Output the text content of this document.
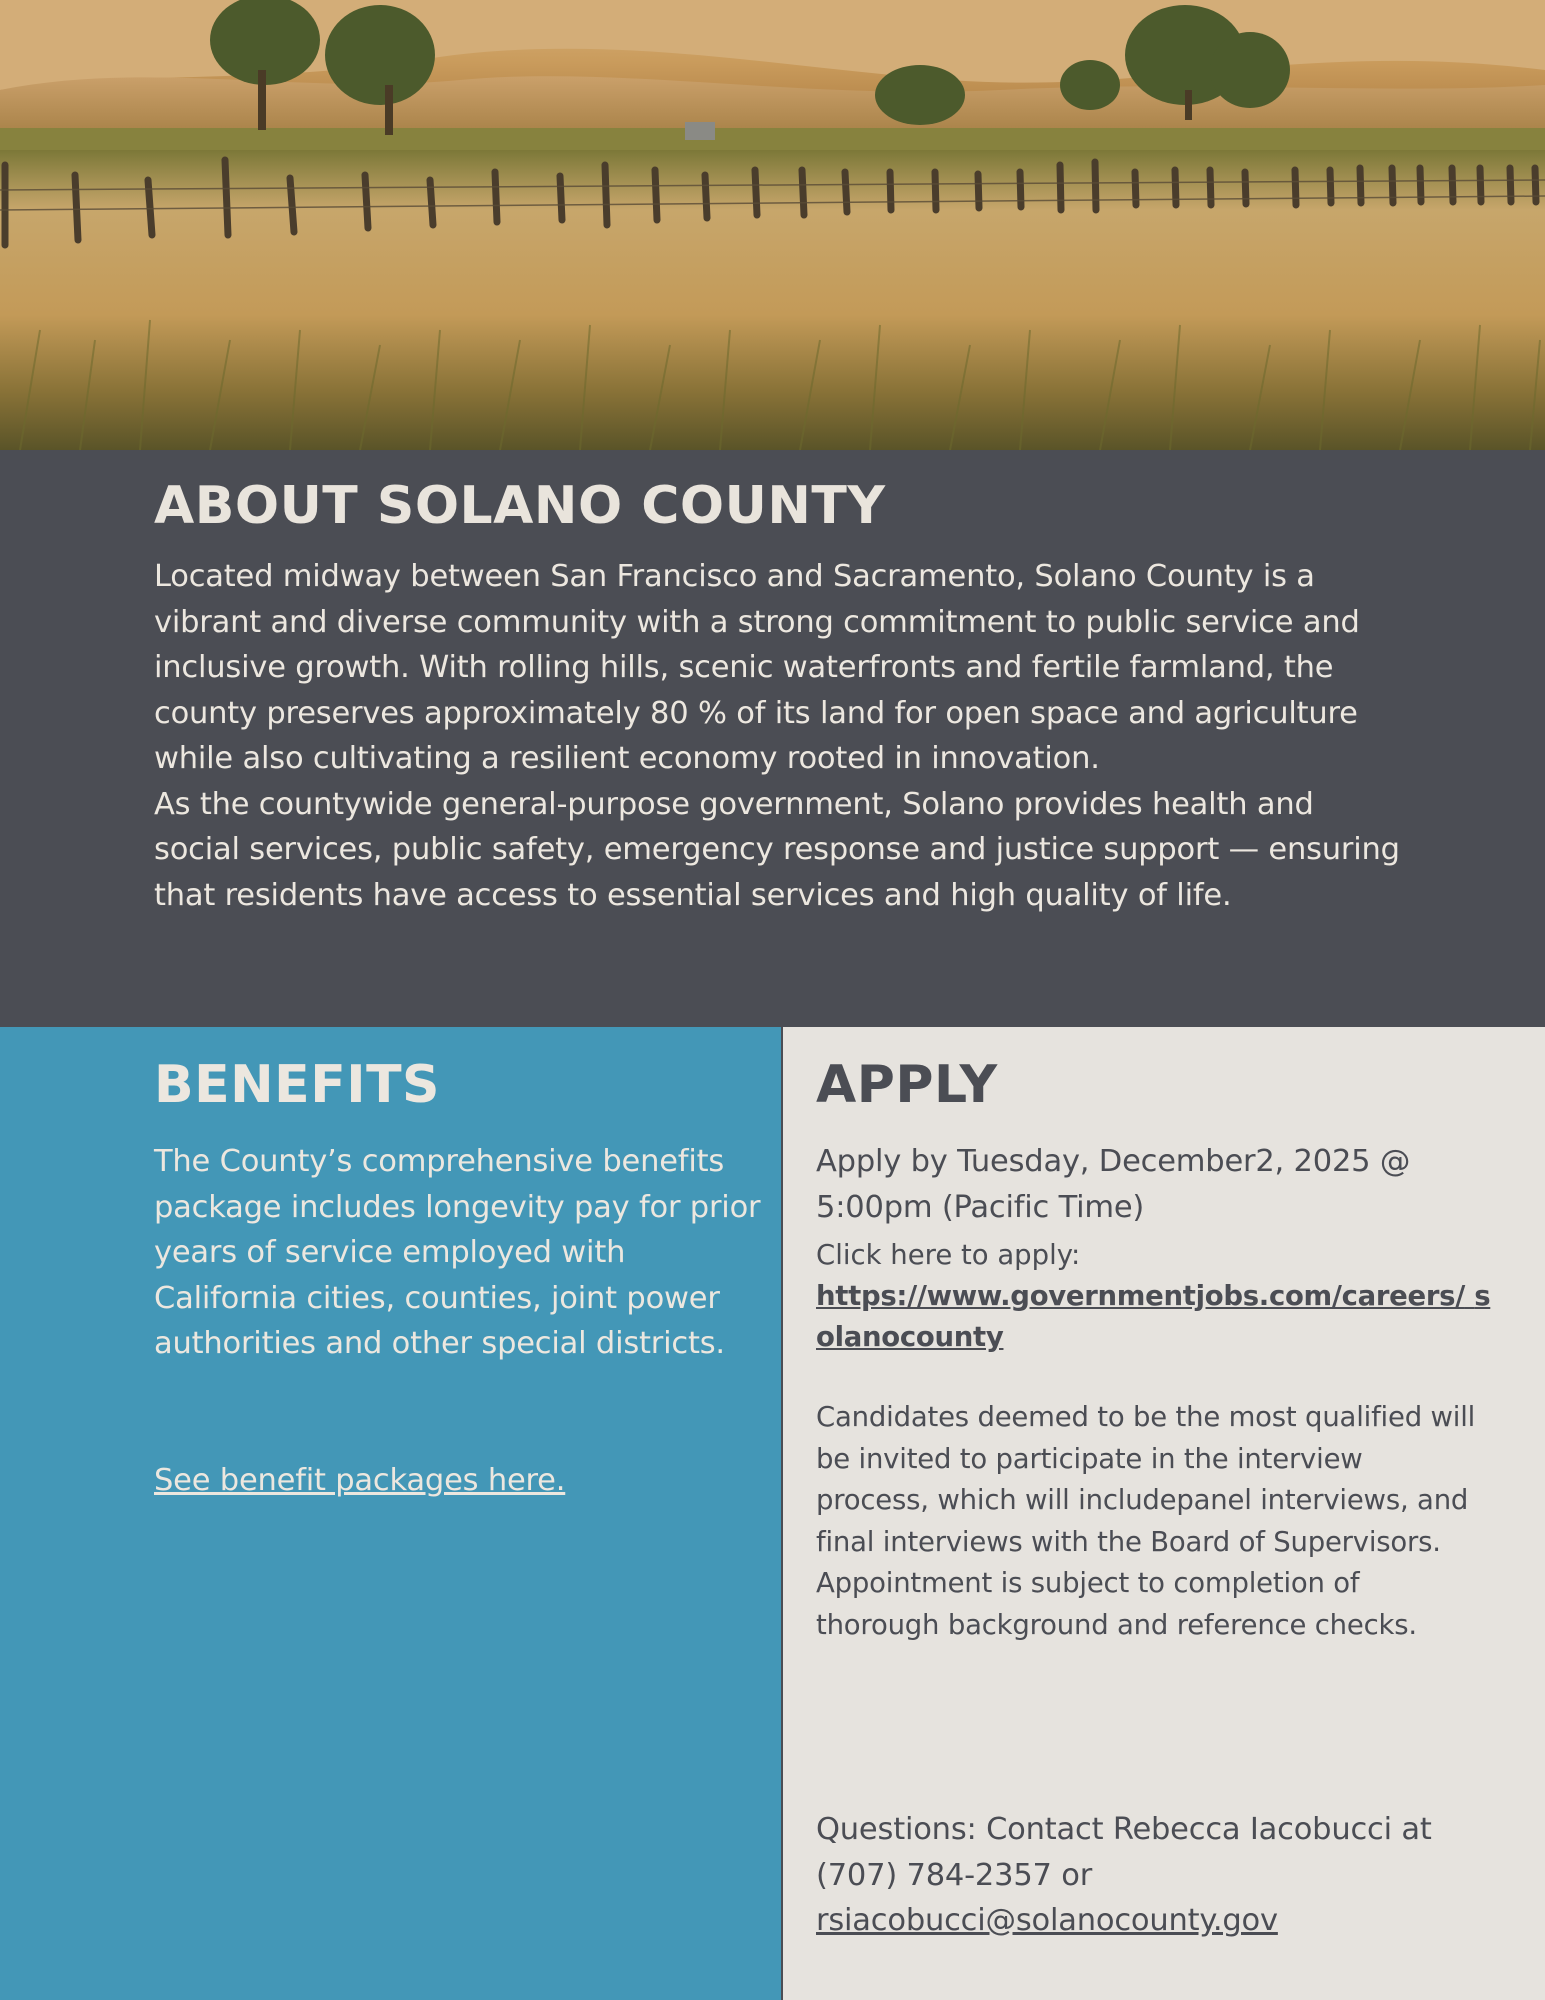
ABOUT SOLANO COUNTY

Located midway between San Francisco and Sacramento, Solano County is a vibrant and diverse community with a strong commitment to public service and inclusive growth. With rolling hills, scenic waterfronts and fertile farmland, the county preserves approximately 80 % of its land for open space and agriculture while also cultivating a resilient economy rooted in innovation.

As the countywide general-purpose government, Solano provides health and social services, public safety, emergency response and justice support — ensuring that residents have access to essential services and high quality of life.

BENEFITS

The County’s comprehensive benefits package includes longevity pay for prior years of service employed with California cities, counties, joint power authorities and other special districts.

See benefit packages here.
APPLY

Apply by Tuesday, December2, 2025 @ 5:00pm (Pacific Time)

Click here to apply:

https://www.governmentjobs.com/careers/ solanocounty

Candidates deemed to be the most qualified will be invited to participate in the interview process, which will includepanel interviews, and final interviews with the Board of Supervisors. Appointment is subject to completion of thorough background and reference checks.

Questions: Contact Rebecca Iacobucci at (707) 784-2357 or rsiacobucci@solanocounty.gov
